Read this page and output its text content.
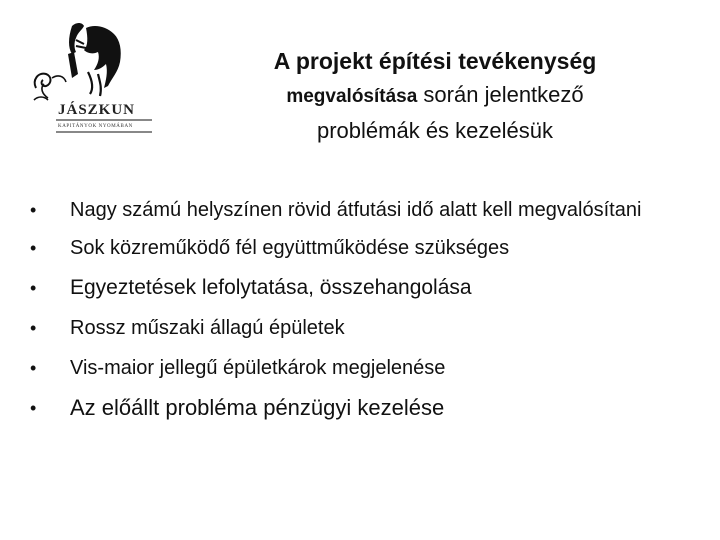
JÁSZKUN
KAPITÁNYOK NYOMÁBAN
A projekt építési tevékenység
megvalósítása során jelentkező
problémák és kezelésük
• Nagy számú helyszínen rövid átfutási idő alatt kell megvalósítani
• Sok közreműködő fél együttműködése szükséges
• Egyeztetések lefolytatása, összehangolása
• Rossz műszaki állagú épületek
• Vis-maior jellegű épületkárok megjelenése
• Az előállt probléma pénzügyi kezelése
